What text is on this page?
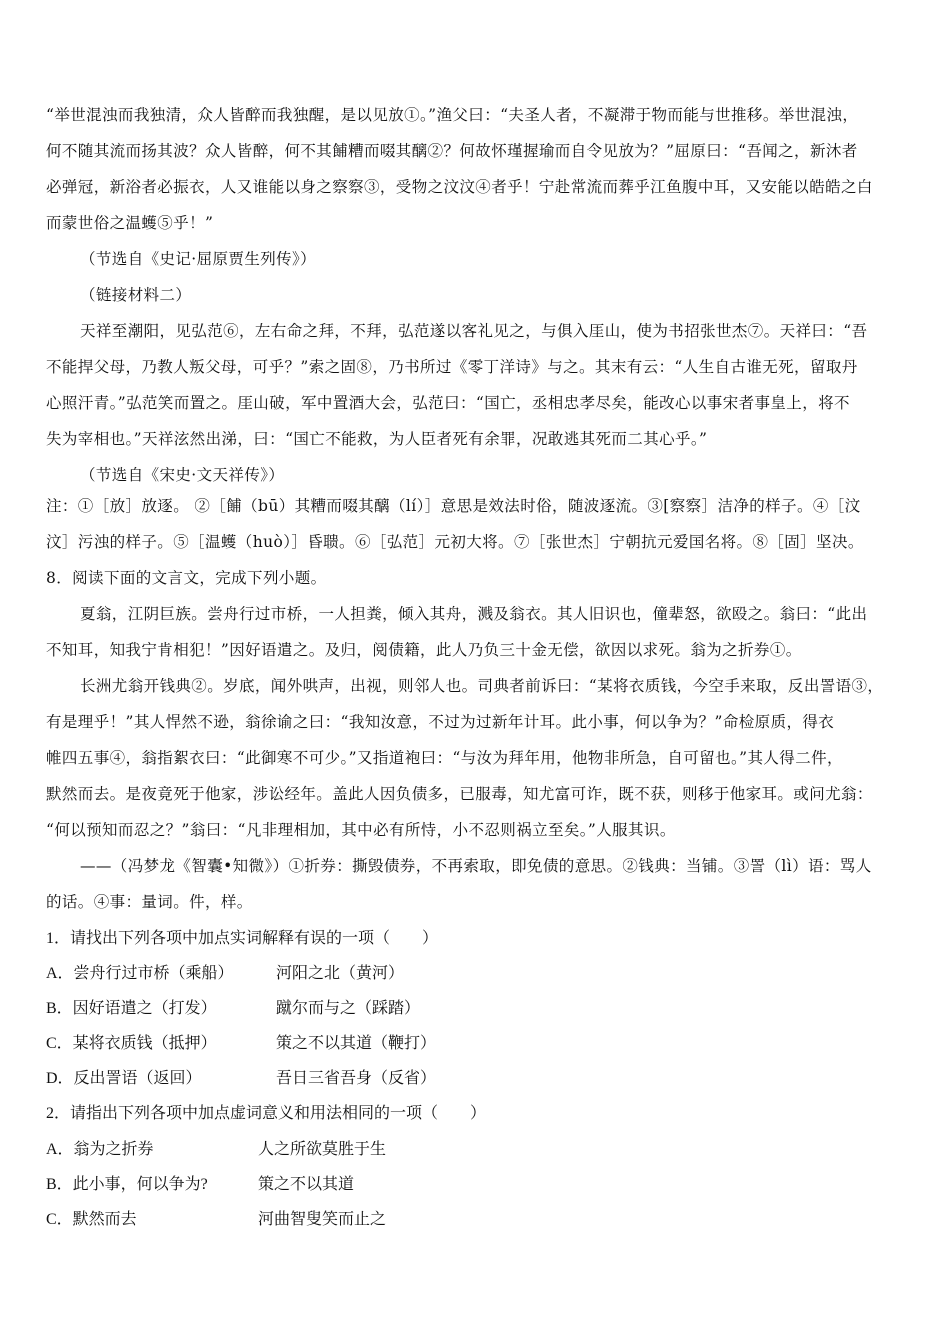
“举世混浊而我独清，众人皆醉而我独醒，是以见放①。”渔父曰：“夫圣人者，不凝滞于物而能与世推移。举世混浊，
何不随其流而扬其波？众人皆醉，何不其餔糟而啜其醨②？何故怀瑾握瑜而自令见放为？”屈原曰：“吾闻之，新沐者
必弹冠，新浴者必振衣，人又谁能以身之察察③，受物之汶汶④者乎！宁赴常流而葬乎江鱼腹中耳，又安能以皓皓之白
而蒙世俗之温蠖⑤乎！”
（节选自《史记·屈原贾生列传》）
（链接材料二）
天祥至潮阳，见弘范⑥，左右命之拜，不拜，弘范遂以客礼见之，与俱入厓山，使为书招张世杰⑦。天祥曰：“吾
不能捍父母，乃教人叛父母，可乎？”索之固⑧，乃书所过《零丁洋诗》与之。其末有云：“人生自古谁无死，留取丹
心照汗青。”弘范笑而置之。厓山破，军中置酒大会，弘范曰：“国亡，丞相忠孝尽矣，能改心以事宋者事皇上，将不
失为宰相也。”天祥泫然出涕，曰：“国亡不能救，为人臣者死有余罪，况敢逃其死而二其心乎。”
（节选自《宋史·文天祥传》）
注：①［放］放逐。 ②［餔（bū）其糟而啜其醨（lí）］意思是效法时俗，随波逐流。③[察察］洁净的样子。④［汶
汶］污浊的样子。⑤［温蠖（huò）］昏聩。⑥［弘范］元初大将。⑦［张世杰］宁朝抗元爱国名将。⑧［固］坚决。
8．阅读下面的文言文，完成下列小题。
夏翁，江阴巨族。尝舟行过市桥，一人担粪，倾入其舟，溅及翁衣。其人旧识也，僮辈怒，欲殴之。翁曰：“此出
不知耳，知我宁肯相犯！”因好语遣之。及归，阅债籍，此人乃负三十金无偿，欲因以求死。翁为之折券①。
长洲尤翁开钱典②。岁底，闻外哄声，出视，则邻人也。司典者前诉曰：“某将衣质钱，今空手来取，反出詈语③，
有是理乎！”其人悍然不逊，翁徐谕之曰：“我知汝意，不过为过新年计耳。此小事，何以争为？”命检原质，得衣
帷四五事④，翁指絮衣曰：“此御寒不可少。”又指道袍曰：“与汝为拜年用，他物非所急，自可留也。”其人得二件，
默然而去。是夜竟死于他家，涉讼经年。盖此人因负债多，已服毒，知尤富可诈，既不获，则移于他家耳。或问尤翁：
“何以预知而忍之？”翁曰：“凡非理相加，其中必有所恃，小不忍则祸立至矣。”人服其识。
——（冯梦龙《智囊•知微》）①折券：撕毁债券，不再索取，即免债的意思。②钱典：当铺。③詈（lì）语：骂人
的话。④事：量词。件，样。
1．请找出下列各项中加点实词解释有误的一项（　　）
A．尝舟行过市桥（乘船）	河阳之北（黄河）
B．因好语遣之（打发）	蹴尔而与之（踩踏）
C．某将衣质钱（抵押）	策之不以其道（鞭打）
D．反出詈语（返回）	吾日三省吾身（反省）
2．请指出下列各项中加点虚词意义和用法相同的一项（　　）
A．翁为之折券	人之所欲莫胜于生
B．此小事，何以争为?	策之不以其道
C．默然而去	河曲智叟笑而止之
